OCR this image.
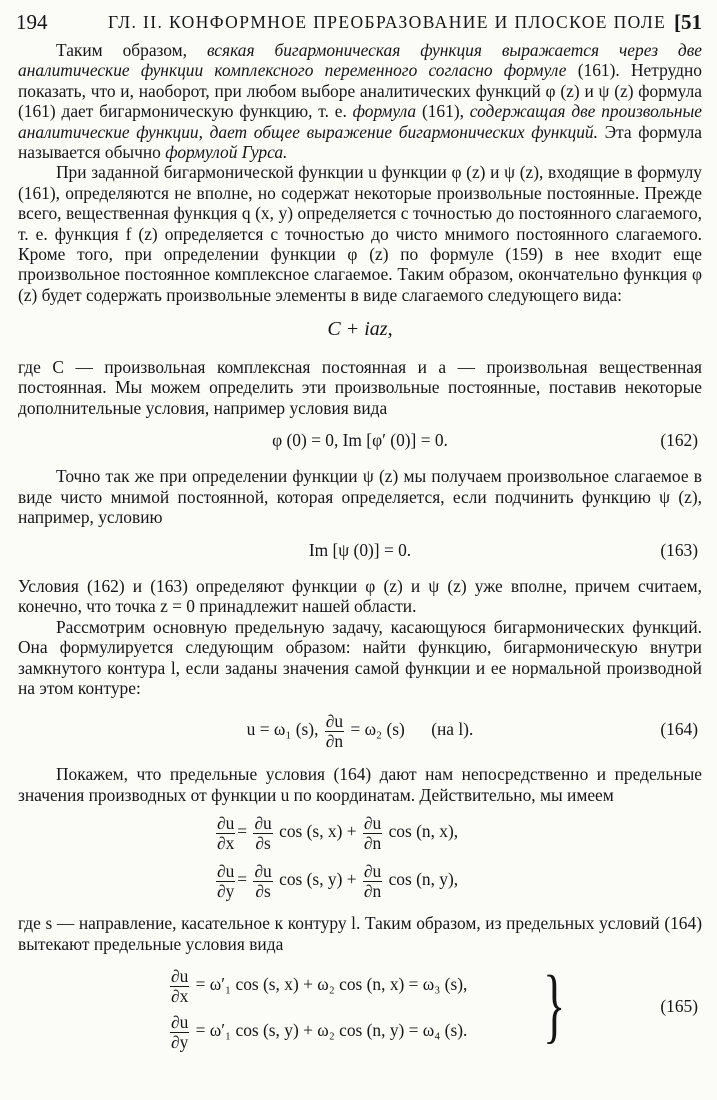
194	ГЛ. II. КОНФОРМНОЕ ПРЕОБРАЗОВАНИЕ И ПЛОСКОЕ ПОЛЕ [51

Таким образом, всякая бигармоническая функция выражается через две аналитические функции комплексного переменного согласно формуле (161). Нетрудно показать, что и, наоборот, при любом выборе аналитических функций φ (z) и ψ (z) формула (161) дает бигармоническую функцию, т. е. формула (161), содержащая две произвольные аналитические функции, дает общее выражение бигармонических функций. Эта формула называется обычно формулой Гурса.

При заданной бигармонической функции u функции φ (z) и ψ (z), входящие в формулу (161), определяются не вполне, но содержат некоторые произвольные постоянные. Прежде всего, вещественная функция q (x, y) определяется с точностью до постоянного слагаемого, т. е. функция f (z) определяется с точностью до чисто мнимого постоянного слагаемого. Кроме того, при определении функции φ (z) по формуле (159) в нее входит еще произвольное постоянное комплексное слагаемое. Таким образом, окончательно функция φ (z) будет содержать произвольные элементы в виде слагаемого следующего вида:

C + iaz,

где C — произвольная комплексная постоянная и a — произвольная вещественная постоянная. Мы можем определить эти произвольные постоянные, поставив некоторые дополнительные условия, например условия вида

φ (0) = 0, Im [φ′ (0)] = 0.	(162)

Точно так же при определении функции ψ (z) мы получаем произвольное слагаемое в виде чисто мнимой постоянной, которая определяется, если подчинить функцию ψ (z), например, условию

Im [ψ (0)] = 0.	(163)

Условия (162) и (163) определяют функции φ (z) и ψ (z) уже вполне, причем считаем, конечно, что точка z = 0 принадлежит нашей области.

Рассмотрим основную предельную задачу, касающуюся бигармонических функций. Она формулируется следующим образом: найти функцию, бигармоническую внутри замкнутого контура l, если заданы значения самой функции и ее нормальной производной на этом контуре:

u = ω₁ (s), $\frac{\partial u}{\partial n} = \omega_2$ (s) (на l).	(164)

Покажем, что предельные условия (164) дают нам непосредственно и предельные значения производных от функции u по координатам. Действительно, мы имеем

$\frac{\partial u}{\partial x} = \frac{\partial u}{\partial s}$ cos (s, $x) + \frac{\partial u}{\partial n}$ cos (n, x),
$\frac{\partial u}{\partial y} = \frac{\partial u}{\partial s}$ cos (s, $y) + \frac{\partial u}{\partial n}$ cos (n, y),

где s — направление, касательное к контуру l. Таким образом, из предельных условий (164) вытекают предельные условия вида

$\frac{\partial u}{\partial x} = \omega'_1$ cos (s, x) + ω₂ cos (n, x) = ω₃ (s),
$\frac{\partial u}{\partial y} = \omega'_1$ cos (s, y) + ω₂ cos (n, y) = ω₄ (s). }	(165)
